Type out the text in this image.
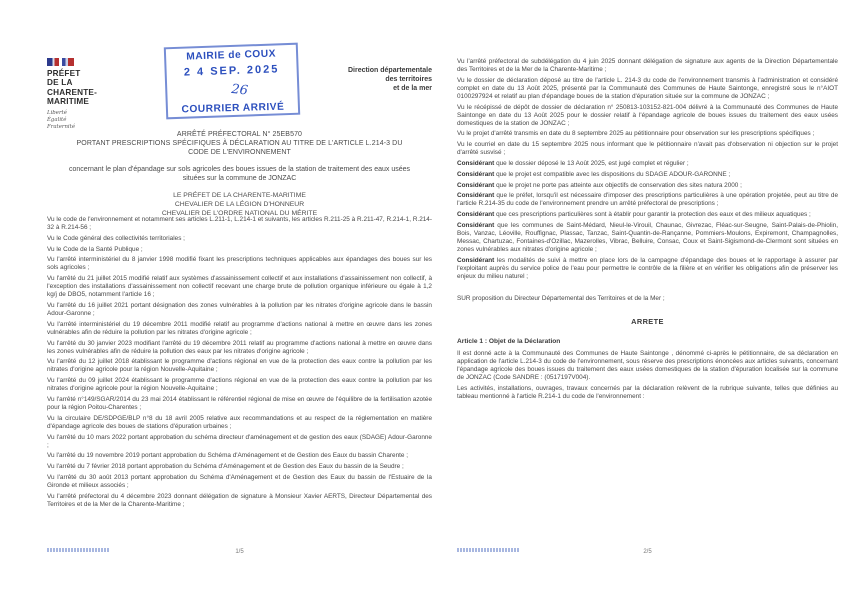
PRÉFET
DE LA
CHARENTE-
MARITIME
Liberté
Égalité
Fraternité
MAIRIE de COUX
2 4 SEP. 2025
26
COURRIER ARRIVÉ
Direction départementale
des territoires
et de la mer
ARRÊTÉ PRÉFECTORAL N° 25EB570
PORTANT PRESCRIPTIONS SPÉCIFIQUES À DÉCLARATION AU TITRE DE L'ARTICLE L.214-3 DU
CODE DE L'ENVIRONNEMENT
concernant le plan d'épandage sur sols agricoles des boues issues de la station de traitement des eaux usées situées sur la commune de JONZAC
LE PRÉFET DE LA CHARENTE-MARITIME
CHEVALIER DE LA LÉGION D'HONNEUR
CHEVALIER DE L'ORDRE NATIONAL DU MÉRITE

Vu le code de l'environnement et notamment ses articles L.211-1, L.214-1 et suivants, les articles R.211-25 à R.211-47, R.214-1, R.214-32 à R.214-56 ;

Vu le Code général des collectivités territoriales ;

Vu le Code de la Santé Publique ;

Vu l'arrêté interministériel du 8 janvier 1998 modifié fixant les prescriptions techniques applicables aux épandages des boues sur les sols agricoles ;

Vu l'arrêté du 21 juillet 2015 modifié relatif aux systèmes d'assainissement collectif et aux installations d'assainissement non collectif, à l'exception des installations d'assainissement non collectif recevant une charge brute de pollution organique inférieure ou égale à 1,2 kg/j de DBO5, notamment l'article 16 ;

Vu l'arrêté du 16 juillet 2021 portant désignation des zones vulnérables à la pollution par les nitrates d'origine agricole dans le bassin Adour-Garonne ;

Vu l'arrêté interministériel du 19 décembre 2011 modifié relatif au programme d'actions national à mettre en œuvre dans les zones vulnérables afin de réduire la pollution par les nitrates d'origine agricole ;

Vu l'arrêté du 30 janvier 2023 modifiant l'arrêté du 19 décembre 2011 relatif au programme d'actions national à mettre en œuvre dans les zones vulnérables afin de réduire la pollution des eaux par les nitrates d'origine agricole ;

Vu l'arrêté du 12 juillet 2018 établissant le programme d'actions régional en vue de la protection des eaux contre la pollution par les nitrates d'origine agricole pour la région Nouvelle-Aquitaine ;

Vu l'arrêté du 09 juillet 2024 établissant le programme d'actions régional en vue de la protection des eaux contre la pollution par les nitrates d'origine agricole pour la région Nouvelle-Aquitaine ;

Vu l'arrêté n°149/SGAR/2014 du 23 mai 2014 établissant le référentiel régional de mise en œuvre de l'équilibre de la fertilisation azotée pour la région Poitou-Charentes ;

Vu la circulaire DE/SDPGE/BLP n°8 du 18 avril 2005 relative aux recommandations et au respect de la réglementation en matière d'épandage agricole des boues de stations d'épuration urbaines ;

Vu l'arrêté du 10 mars 2022 portant approbation du schéma directeur d'aménagement et de gestion des eaux (SDAGE) Adour-Garonne ;

Vu l'arrêté du 19 novembre 2019 portant approbation du Schéma d'Aménagement et de Gestion des Eaux du bassin Charente ;

Vu l'arrêté du 7 février 2018 portant approbation du Schéma d'Aménagement et de Gestion des Eaux du bassin de la Seudre ;

Vu l'arrêté du 30 août 2013 portant approbation du Schéma d'Aménagement et de Gestion des Eaux du bassin de l'Estuaire de la Gironde et milieux associés ;

Vu l'arrêté préfectoral du 4 décembre 2023 donnant délégation de signature à Monsieur Xavier AERTS, Directeur Départemental des Territoires et de la Mer de la Charente-Maritime ;

1/5

Vu l'arrêté préfectoral de subdélégation du 4 juin 2025 donnant délégation de signature aux agents de la Direction Départementale des Territoires et de la Mer de la Charente-Maritime ;

Vu le dossier de déclaration déposé au titre de l'article L. 214-3 du code de l'environnement transmis à l'administration et considéré complet en date du 13 Août 2025, présenté par la Communauté des Communes de Haute Saintonge, enregistré sous le n°AIOT 0100297924 et relatif au plan d'épandage boues de la station d'épuration située sur la commune de JONZAC ;

Vu le récépissé de dépôt de dossier de déclaration n° 250813-103152-821-004 délivré à la Communauté des Communes de Haute Saintonge en date du 13 Août 2025 pour le dossier relatif à l'épandage agricole de boues issues du traitement des eaux usées domestiques de la station de JONZAC ;

Vu le projet d'arrêté transmis en date du 8 septembre 2025 au pétitionnaire pour observation sur les prescriptions spécifiques ;

Vu le courriel en date du 15 septembre 2025 nous informant que le pétitionnaire n'avait pas d'observation ni objection sur le projet d'arrêté susvisé ;

Considérant que le dossier déposé le 13 Août 2025, est jugé complet et régulier ;

Considérant que le projet est compatible avec les dispositions du SDAGE ADOUR-GARONNE ;

Considérant que le projet ne porte pas atteinte aux objectifs de conservation des sites natura 2000 ;

Considérant que le préfet, lorsqu'il est nécessaire d'imposer des prescriptions particulières à une opération projetée, peut au titre de l'article R.214-35 du code de l'environnement prendre un arrêté préfectoral de prescriptions ;

Considérant que ces prescriptions particulières sont à établir pour garantir la protection des eaux et des milieux aquatiques ;

Considérant que les communes de Saint-Médard, Nieul-le-Virouil, Chaunac, Givrezac, Fléac-sur-Seugne, Saint-Palais-de-Phiolin, Bois, Vanzac, Léoville, Rouffignac, Plassac, Tanzac, Saint-Quantin-de-Rançanne, Pommiers-Moulons, Expiremont, Champagnolles, Messac, Chartuzac, Fontaines-d'Ozillac, Mazerolles, Vibrac, Belluire, Consac, Coux et Saint-Sigismond-de-Clermont sont situées en zones vulnérables aux nitrates d'origine agricole ;

Considérant les modalités de suivi à mettre en place lors de la campagne d'épandage des boues et le rapportage à assurer par l'exploitant auprès du service police de l'eau pour permettre le contrôle de la filière et en vérifier les obligations afin de préserver les enjeux du milieu naturel ;

SUR proposition du Directeur Départemental des Territoires et de la Mer ;

ARRETE
Article 1 : Objet de la Déclaration

Il est donné acte à la Communauté des Communes de Haute Saintonge , dénommé ci-après le pétitionnaire, de sa déclaration en application de l'article L.214-3 du code de l'environnement, sous réserve des prescriptions énoncées aux articles suivants, concernant l'épandage agricole des boues issues du traitement des eaux usées domestiques de la station d'épuration localisée sur la commune de JONZAC (Code SANDRE : (0517197V004).

Les activités, installations, ouvrages, travaux concernés par la déclaration relèvent de la rubrique suivante, telles que définies au tableau mentionné à l'article R.214-1 du code de l'environnement :

2/5
